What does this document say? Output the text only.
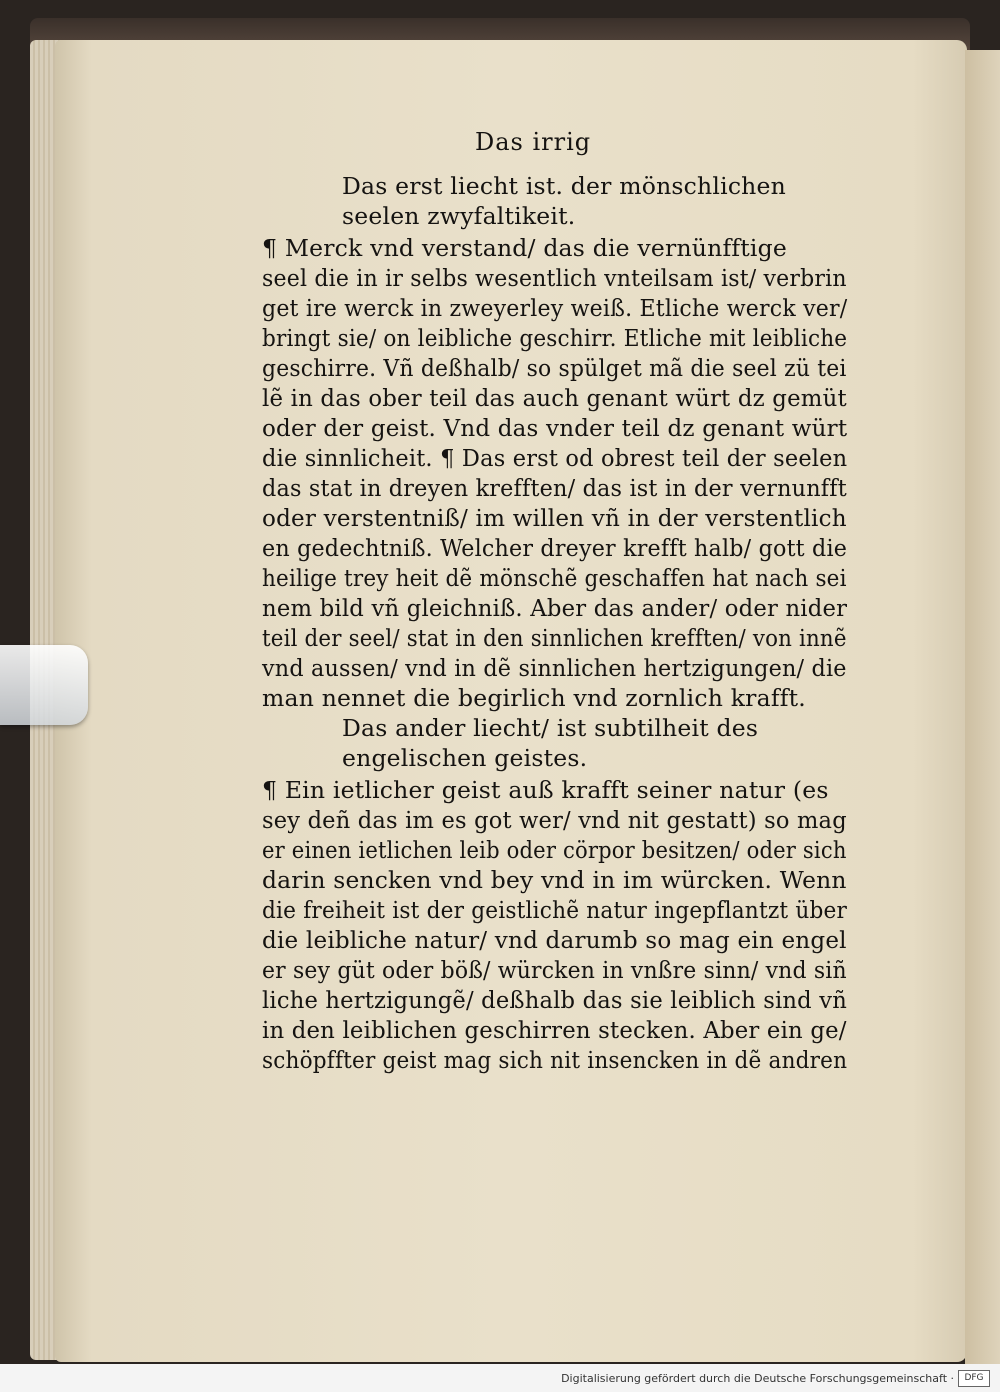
Das irrig
Das erst liecht ist. der mönschlichen
seelen zwyfaltikeit.
¶ Merck vnd verstand/ das die vernünfftige
seel die in ir selbs wesentlich vnteilsam ist/ verbrin
get ire werck in zweyerley weiß. Etliche werck ver/
bringt sie/ on leibliche geschirr. Etliche mit leibliche
geschirre. Vñ deßhalb/ so spülget mã die seel zü tei
lẽ in das ober teil das auch genant würt dz gemüt
oder der geist. Vnd das vnder teil dz genant würt
die sinnlicheit. ¶ Das erst od obrest teil der seelen
das stat in dreyen krefften/ das ist in der vernunfft
oder verstentniß/ im willen vñ in der verstentlich
en gedechtniß. Welcher dreyer krefft halb/ gott die
heilige trey heit dẽ mönschẽ geschaffen hat nach sei
nem bild vñ gleichniß. Aber das ander/ oder nider
teil der seel/ stat in den sinnlichen krefften/ von innẽ
vnd aussen/ vnd in dẽ sinnlichen hertzigungen/ die
man nennet die begirlich vnd zornlich krafft.
Das ander liecht/ ist subtilheit des
engelischen geistes.
¶ Ein ietlicher geist auß krafft seiner natur (es
sey deñ das im es got wer/ vnd nit gestatt) so mag
er einen ietlichen leib oder cörpor besitzen/ oder sich
darin sencken vnd bey vnd in im würcken. Wenn
die freiheit ist der geistlichẽ natur ingepflantzt über
die leibliche natur/ vnd darumb so mag ein engel
er sey güt oder böß/ würcken in vnßre sinn/ vnd siñ
liche hertzigungẽ/ deßhalb das sie leiblich sind vñ
in den leiblichen geschirren stecken. Aber ein ge/
schöpffter geist mag sich nit insencken in dẽ andren
Digitalisierung gefördert durch die Deutsche Forschungsgemeinschaft ·	DFG
